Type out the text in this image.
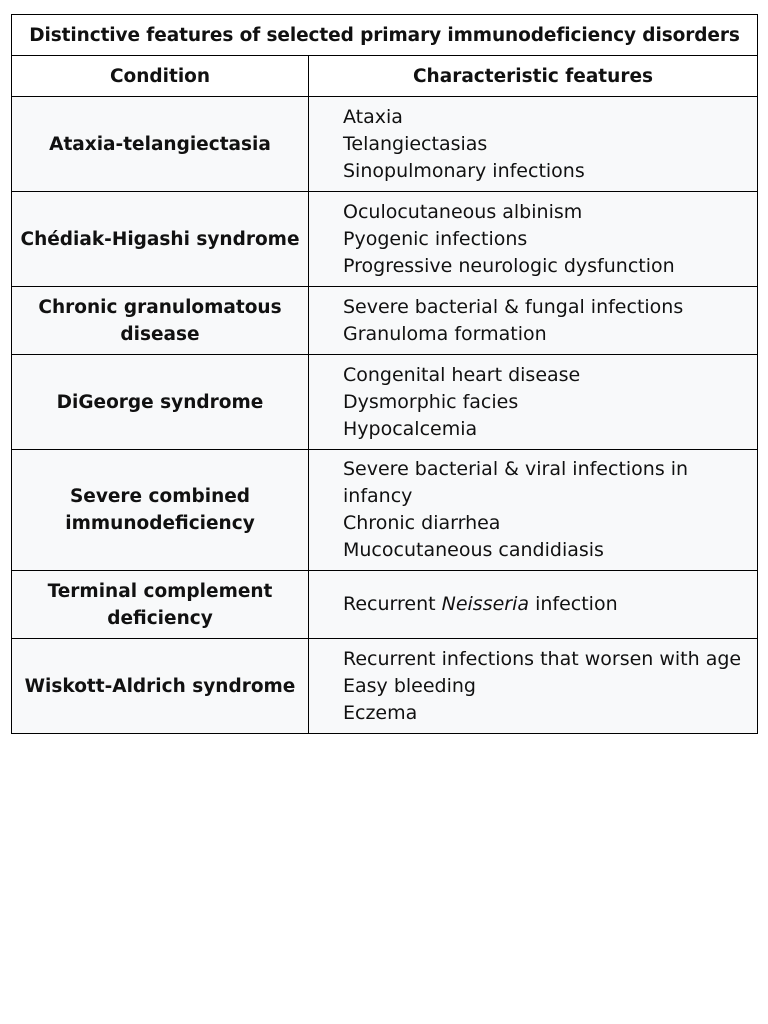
Distinctive features of selected primary immunodeficiency disorders	
Condition	Characteristic features
Ataxia-telangiectasia	Ataxia
Telangiectasias
Sinopulmonary infections

Chédiak-Higashi syndrome	Oculocutaneous albinism
Pyogenic infections
Progressive neurologic dysfunction

Chronic granulomatous disease	Severe bacterial & fungal infections
Granuloma formation

DiGeorge syndrome	Congenital heart disease
Dysmorphic facies
Hypocalcemia

Severe combined immunodeficiency	Severe bacterial & viral infections in infancy
Chronic diarrhea
Mucocutaneous candidiasis

Terminal complement deficiency	Recurrent Neisseria infection

Wiskott-Aldrich syndrome	Recurrent infections that worsen with age
Easy bleeding
Eczema
